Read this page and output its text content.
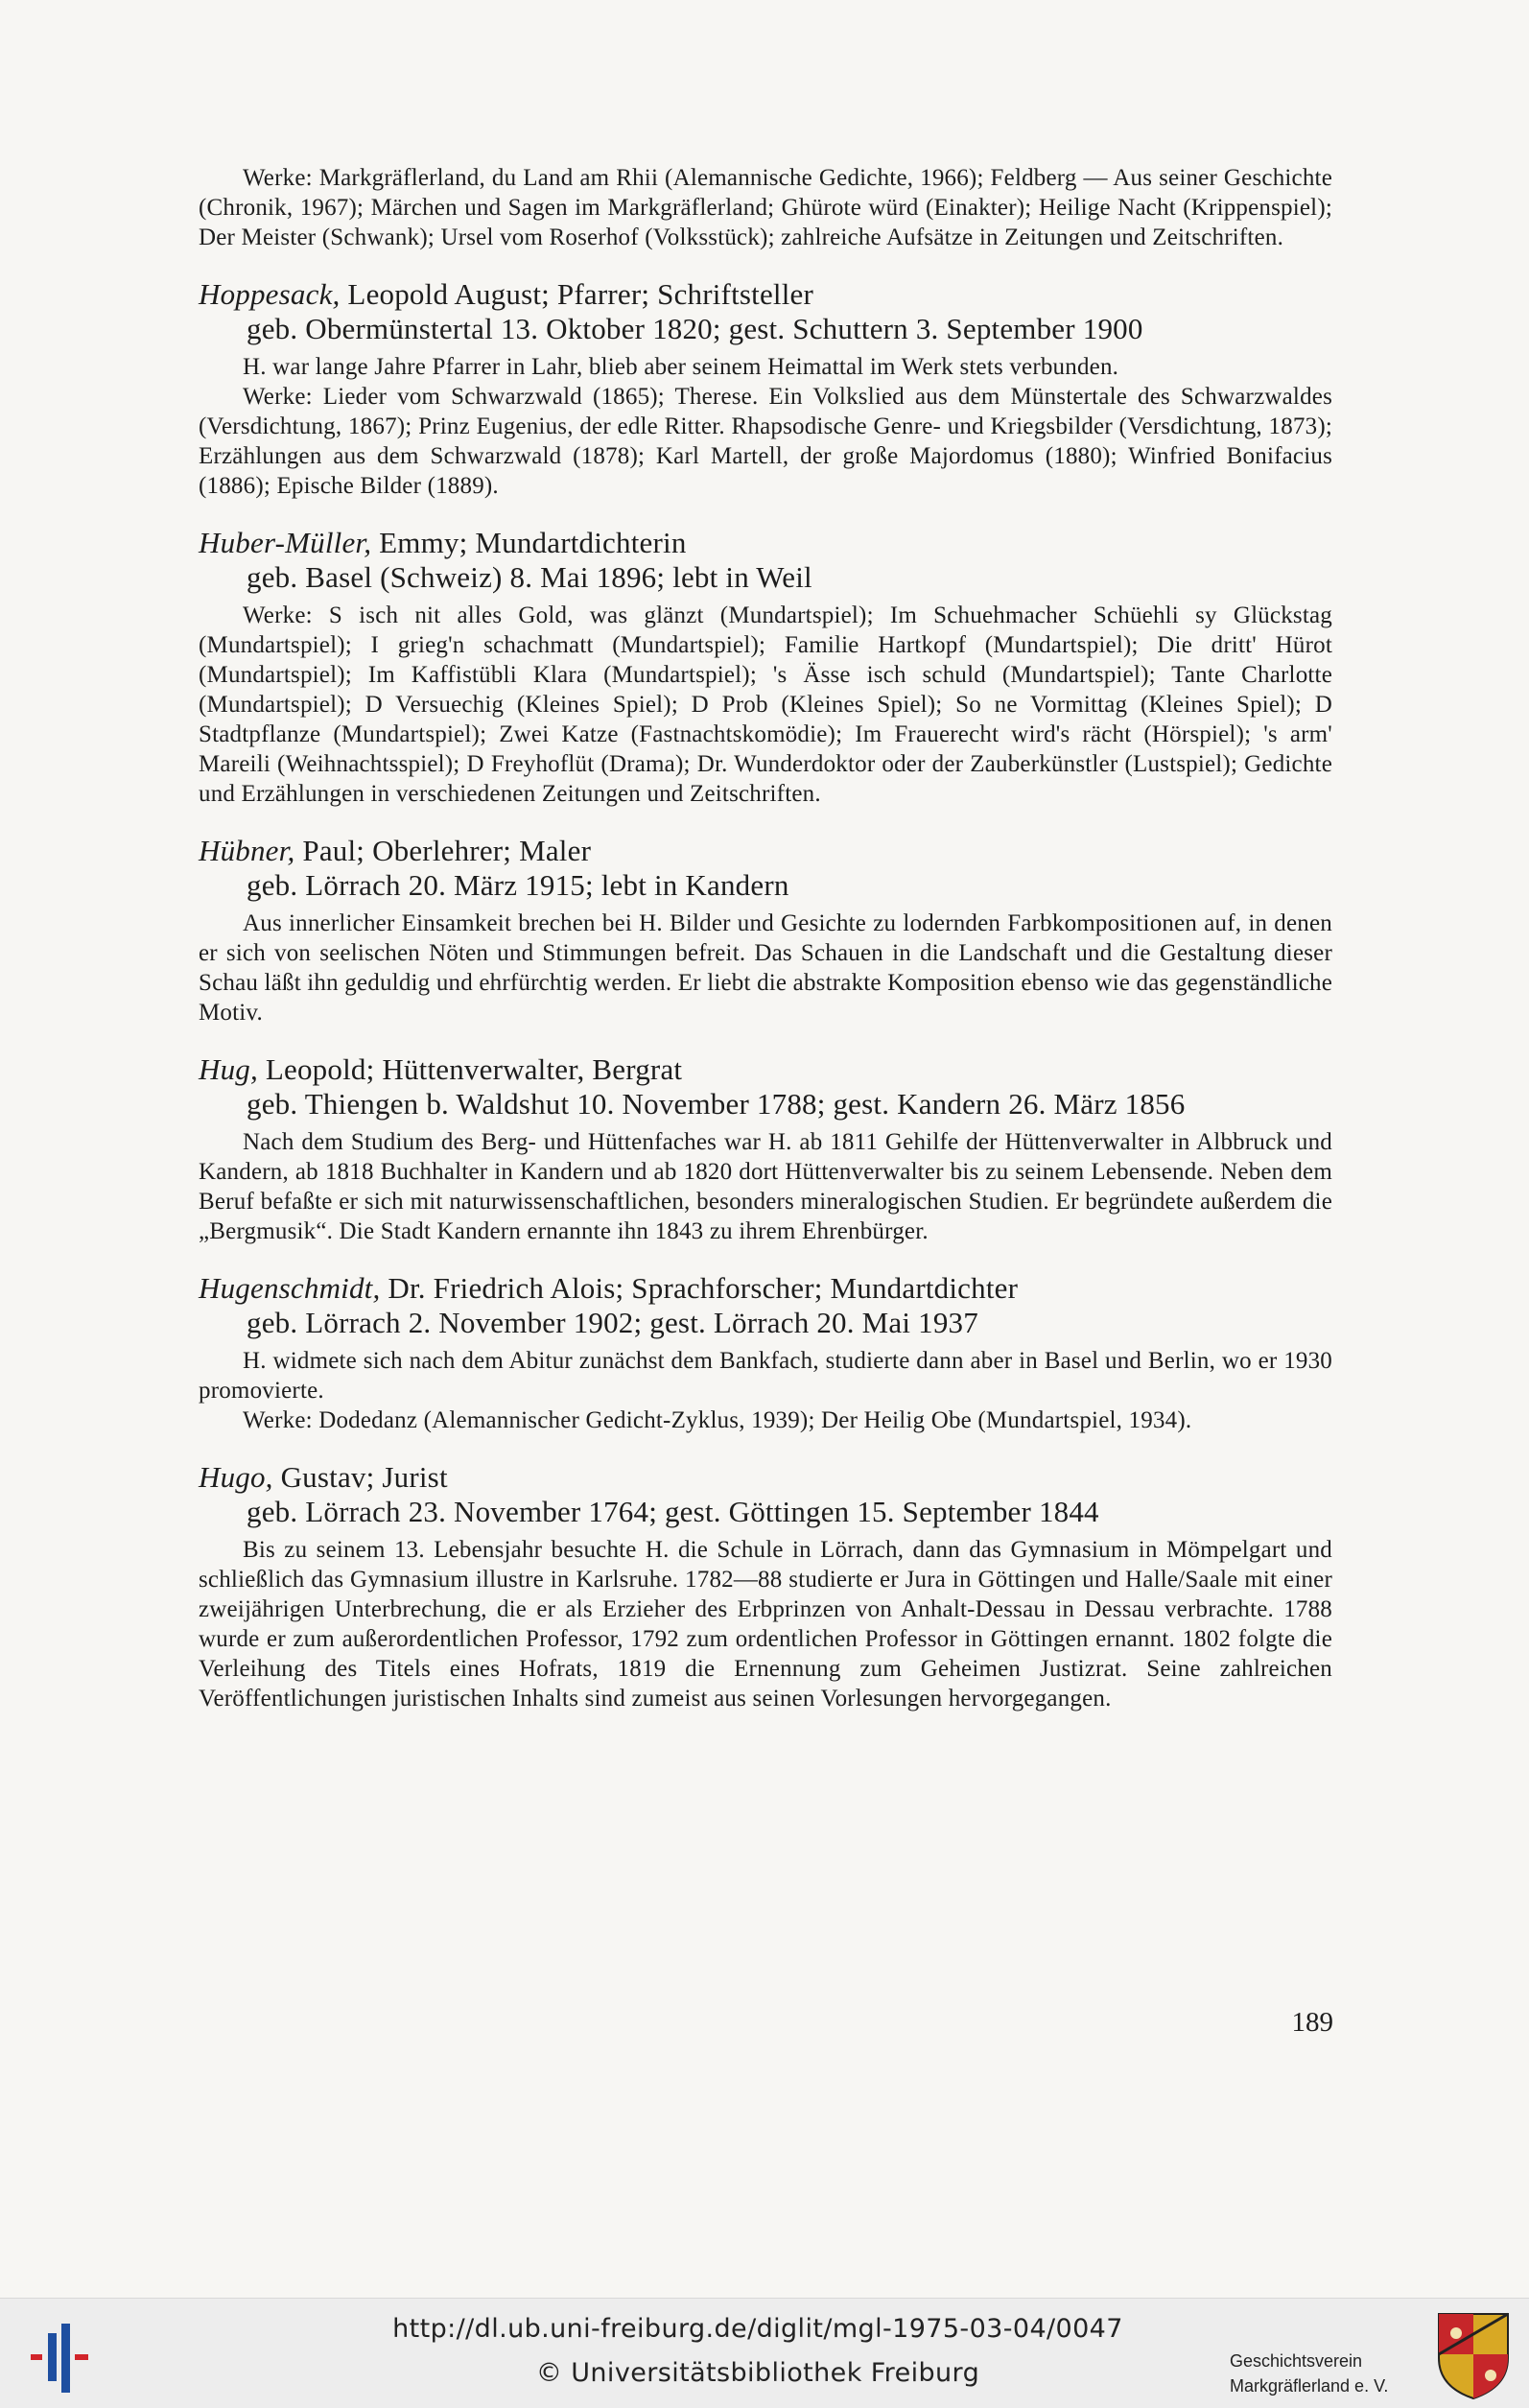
Werke: Markgräflerland, du Land am Rhii (Alemannische Gedichte, 1966); Feldberg — Aus seiner Geschichte (Chronik, 1967); Märchen und Sagen im Markgräflerland; Ghürote würd (Einakter); Heilige Nacht (Krippenspiel); Der Meister (Schwank); Ursel vom Roserhof (Volksstück); zahlreiche Aufsätze in Zeitungen und Zeitschriften.

Hoppesack, Leopold August; Pfarrer; Schriftsteller

geb. Obermünstertal 13. Oktober 1820; gest. Schuttern 3. September 1900

H. war lange Jahre Pfarrer in Lahr, blieb aber seinem Heimattal im Werk stets verbunden.

Werke: Lieder vom Schwarzwald (1865); Therese. Ein Volkslied aus dem Münstertale des Schwarzwaldes (Versdichtung, 1867); Prinz Eugenius, der edle Ritter. Rhapsodische Genre- und Kriegsbilder (Versdichtung, 1873); Erzählungen aus dem Schwarzwald (1878); Karl Martell, der große Majordomus (1880); Winfried Bonifacius (1886); Epische Bilder (1889).

Huber-Müller, Emmy; Mundartdichterin

geb. Basel (Schweiz) 8. Mai 1896; lebt in Weil

Werke: S isch nit alles Gold, was glänzt (Mundartspiel); Im Schuehmacher Schüehli sy Glückstag (Mundartspiel); I grieg'n schachmatt (Mundartspiel); Familie Hartkopf (Mundartspiel); Die dritt' Hürot (Mundartspiel); Im Kaffistübli Klara (Mundartspiel); 's Ässe isch schuld (Mundartspiel); Tante Charlotte (Mundartspiel); D Versuechig (Kleines Spiel); D Prob (Kleines Spiel); So ne Vormittag (Kleines Spiel); D Stadtpflanze (Mundartspiel); Zwei Katze (Fastnachtskomödie); Im Frauerecht wird's rächt (Hörspiel); 's arm' Mareili (Weihnachtsspiel); D Freyhoflüt (Drama); Dr. Wunderdoktor oder der Zauberkünstler (Lustspiel); Gedichte und Erzählungen in verschiedenen Zeitungen und Zeitschriften.

Hübner, Paul; Oberlehrer; Maler

geb. Lörrach 20. März 1915; lebt in Kandern

Aus innerlicher Einsamkeit brechen bei H. Bilder und Gesichte zu lodernden Farbkompositionen auf, in denen er sich von seelischen Nöten und Stimmungen befreit. Das Schauen in die Landschaft und die Gestaltung dieser Schau läßt ihn geduldig und ehrfürchtig werden. Er liebt die abstrakte Komposition ebenso wie das gegenständliche Motiv.

Hug, Leopold; Hüttenverwalter, Bergrat

geb. Thiengen b. Waldshut 10. November 1788; gest. Kandern 26. März 1856

Nach dem Studium des Berg- und Hüttenfaches war H. ab 1811 Gehilfe der Hüttenverwalter in Albbruck und Kandern, ab 1818 Buchhalter in Kandern und ab 1820 dort Hüttenverwalter bis zu seinem Lebensende. Neben dem Beruf befaßte er sich mit naturwissenschaftlichen, besonders mineralogischen Studien. Er begründete außerdem die „Bergmusik“. Die Stadt Kandern ernannte ihn 1843 zu ihrem Ehrenbürger.

Hugenschmidt, Dr. Friedrich Alois; Sprachforscher; Mundartdichter

geb. Lörrach 2. November 1902; gest. Lörrach 20. Mai 1937

H. widmete sich nach dem Abitur zunächst dem Bankfach, studierte dann aber in Basel und Berlin, wo er 1930 promovierte.

Werke: Dodedanz (Alemannischer Gedicht-Zyklus, 1939); Der Heilig Obe (Mundartspiel, 1934).

Hugo, Gustav; Jurist

geb. Lörrach 23. November 1764; gest. Göttingen 15. September 1844

Bis zu seinem 13. Lebensjahr besuchte H. die Schule in Lörrach, dann das Gymnasium in Mömpelgart und schließlich das Gymnasium illustre in Karlsruhe. 1782—88 studierte er Jura in Göttingen und Halle/Saale mit einer zweijährigen Unterbrechung, die er als Erzieher des Erbprinzen von Anhalt-Dessau in Dessau verbrachte. 1788 wurde er zum außerordentlichen Professor, 1792 zum ordentlichen Professor in Göttingen ernannt. 1802 folgte die Verleihung des Titels eines Hofrats, 1819 die Ernennung zum Geheimen Justizrat. Seine zahlreichen Veröffentlichungen juristischen Inhalts sind zumeist aus seinen Vorlesungen hervorgegangen.

189
http://dl.ub.uni-freiburg.de/diglit/mgl-1975-03-04/0047
© Universitätsbibliothek Freiburg	Geschichtsverein
Markgräflerland e. V.
